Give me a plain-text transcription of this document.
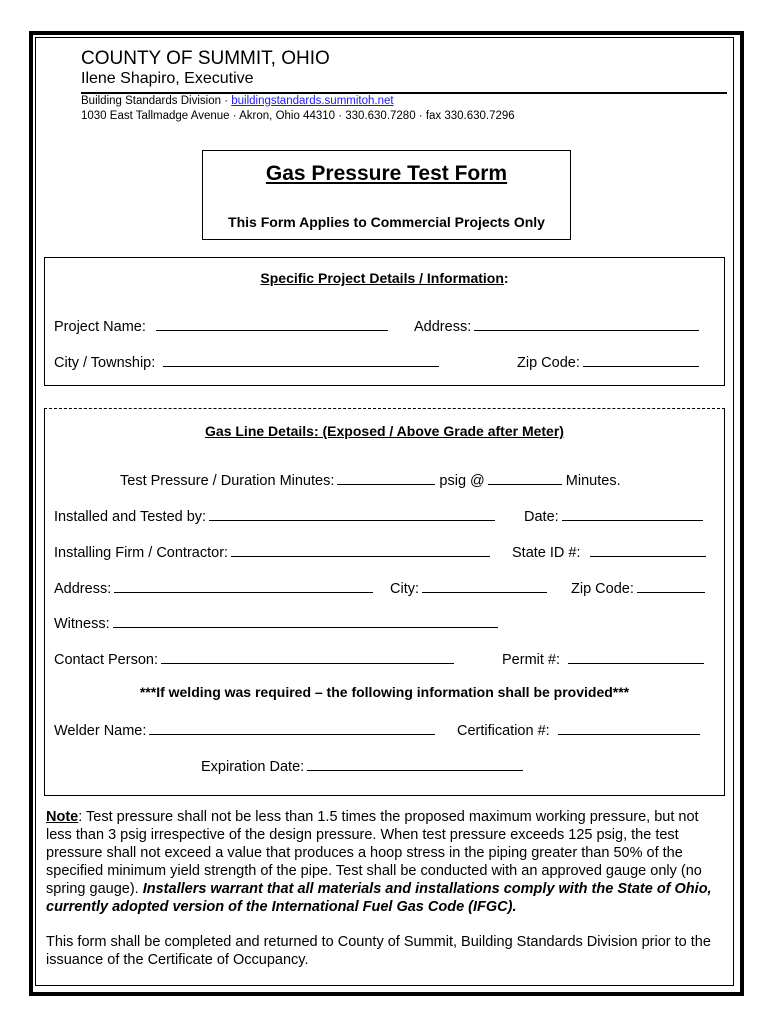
COUNTY OF SUMMIT, OHIO
Ilene Shapiro, Executive
Building Standards Division · buildingstandards.summitoh.net
1030 East Tallmadge Avenue · Akron, Ohio 44310 · 330.630.7280 · fax 330.630.7296
Gas Pressure Test Form
This Form Applies to Commercial Projects Only
Specific Project Details / Information:
Project Name:	Address:
City / Township:	Zip Code:
Gas Line Details: (Exposed / Above Grade after Meter)
Test Pressure / Duration Minutes:	psig @	Minutes.
Installed and Tested by:	Date:
Installing Firm / Contractor:	State ID #:
Address:	City:	Zip Code:
Witness:
Contact Person:	Permit #:
***If welding was required – the following information shall be provided***
Welder Name:	Certification #:
Expiration Date:
Note: Test pressure shall not be less than 1.5 times the proposed maximum working pressure, but not less than 3 psig irrespective of the design pressure. When test pressure exceeds 125 psig, the test pressure shall not exceed a value that produces a hoop stress in the piping greater than 50% of the specified minimum yield strength of the pipe. Test shall be conducted with an approved gauge only (no spring gauge). Installers warrant that all materials and installations comply with the State of Ohio, currently adopted version of the International Fuel Gas Code (IFGC).
This form shall be completed and returned to County of Summit, Building Standards Division prior to the issuance of the Certificate of Occupancy.
